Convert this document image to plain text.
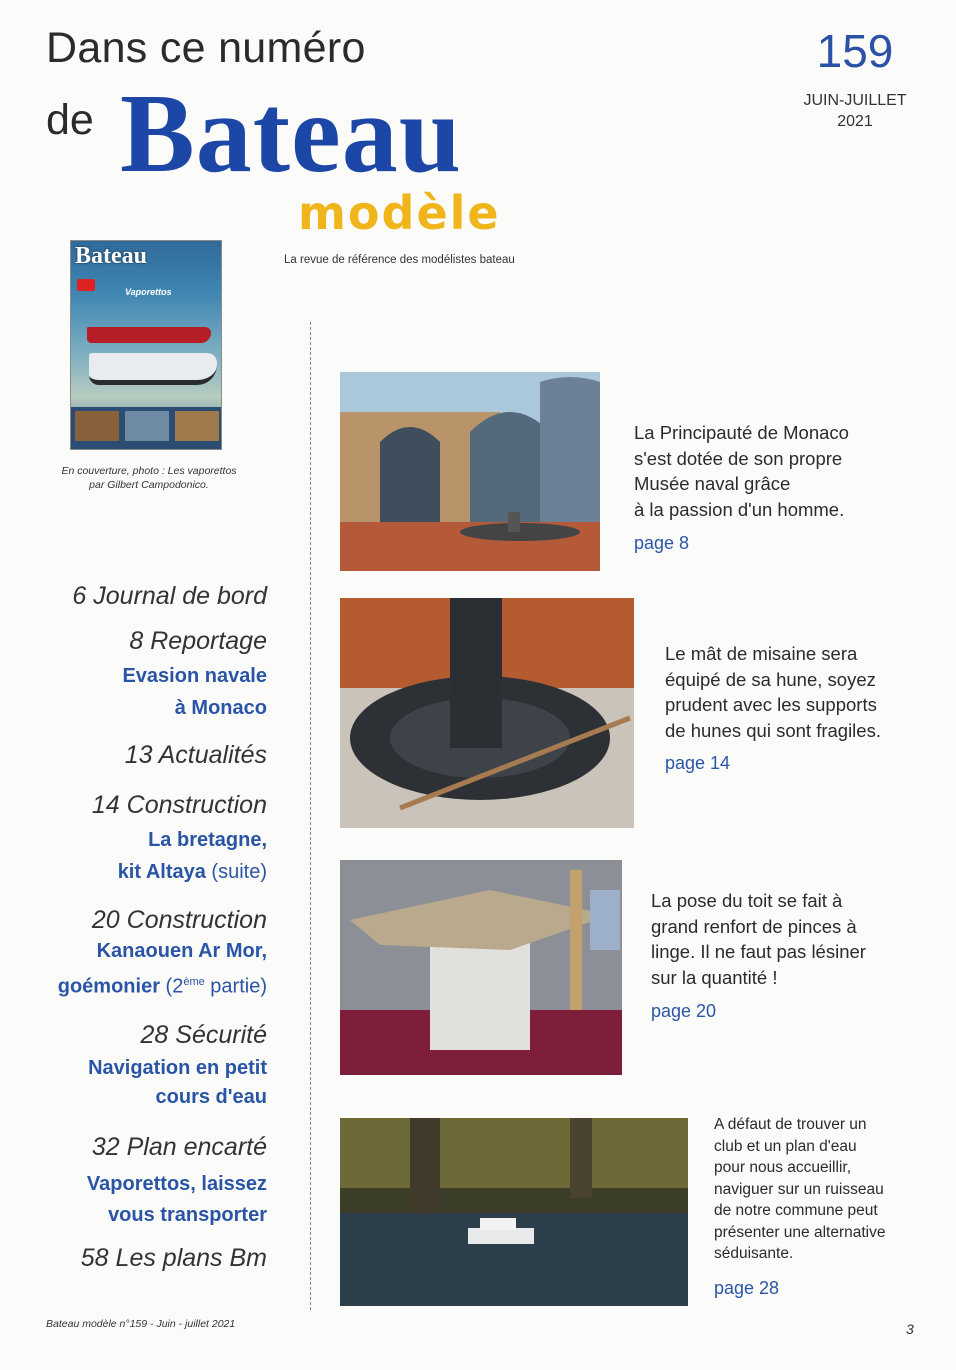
Dans ce numéro
de Bateau
modèle
La revue de référence des modélistes bateau
159
JUIN-JUILLET
2021
Bateau
Vaporettos
En couverture, photo : Les vaporettos
par Gilbert Campodonico.
6 Journal de bord
8 Reportage
Evasion navale
à Monaco
13 Actualités
14 Construction
La bretagne,
kit Altaya (suite)
20 Construction
Kanaouen Ar Mor,
goémonier (2ème partie)
28 Sécurité
Navigation en petit
cours d'eau
32 Plan encarté
Vaporettos, laissez
vous transporter
58 Les plans Bm
La Principauté de Monaco
s'est dotée de son propre
Musée naval grâce
à la passion d'un homme.
page 8
Le mât de misaine sera
équipé de sa hune, soyez
prudent avec les supports
de hunes qui sont fragiles.
page 14
La pose du toit se fait à
grand renfort de pinces à
linge. Il ne faut pas lésiner
sur la quantité !
page 20
A défaut de trouver un
club et un plan d'eau
pour nous accueillir,
naviguer sur un ruisseau
de notre commune peut
présenter une alternative
séduisante.
page 28
Bateau modèle n°159 - Juin - juillet 2021	3
